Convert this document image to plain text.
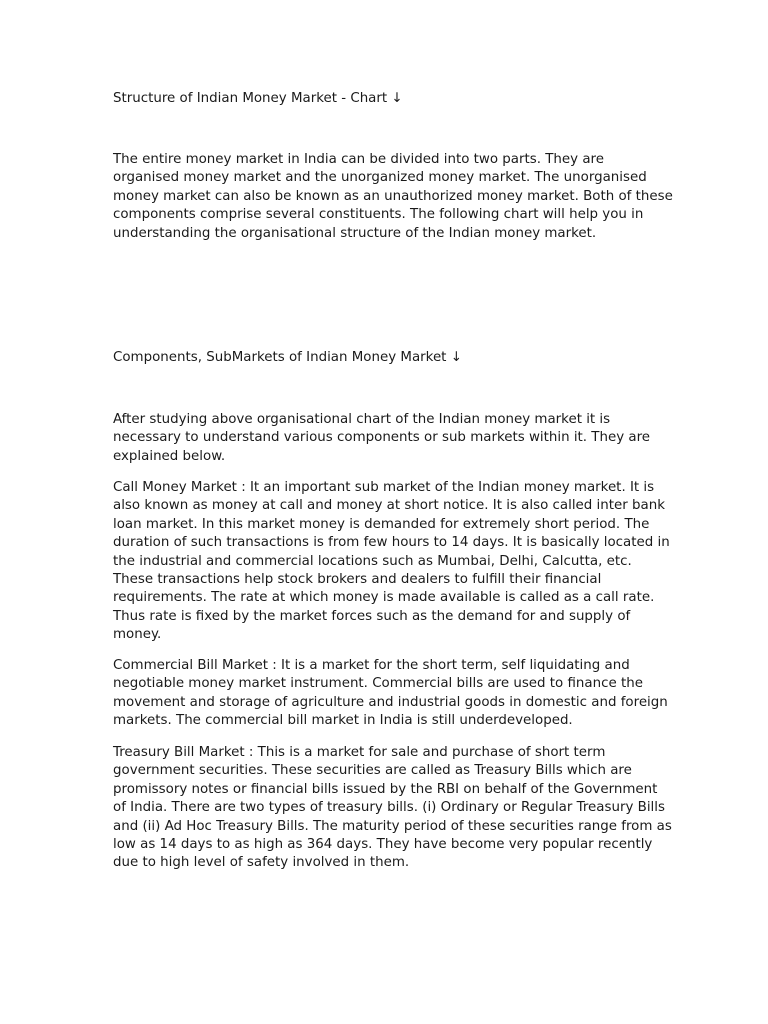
Structure of Indian Money Market - Chart ↓

The entire money market in India can be divided into two parts. They are organised money market and the unorganized money market. The unorganised money market can also be known as an unauthorized money market. Both of these components comprise several constituents. The following chart will help you in understanding the organisational structure of the Indian money market.

Components, SubMarkets of Indian Money Market ↓

After studying above organisational chart of the Indian money market it is necessary to understand various components or sub markets within it. They are explained below.

Call Money Market : It an important sub market of the Indian money market. It is also known as money at call and money at short notice. It is also called inter bank loan market. In this market money is demanded for extremely short period. The duration of such transactions is from few hours to 14 days. It is basically located in the industrial and commercial locations such as Mumbai, Delhi, Calcutta, etc. These transactions help stock brokers and dealers to fulfill their financial requirements. The rate at which money is made available is called as a call rate. Thus rate is fixed by the market forces such as the demand for and supply of money.

Commercial Bill Market : It is a market for the short term, self liquidating and negotiable money market instrument. Commercial bills are used to finance the movement and storage of agriculture and industrial goods in domestic and foreign markets. The commercial bill market in India is still underdeveloped.

Treasury Bill Market : This is a market for sale and purchase of short term government securities. These securities are called as Treasury Bills which are promissory notes or financial bills issued by the RBI on behalf of the Government of India. There are two types of treasury bills. (i) Ordinary or Regular Treasury Bills and (ii) Ad Hoc Treasury Bills. The maturity period of these securities range from as low as 14 days to as high as 364 days. They have become very popular recently due to high level of safety involved in them.
